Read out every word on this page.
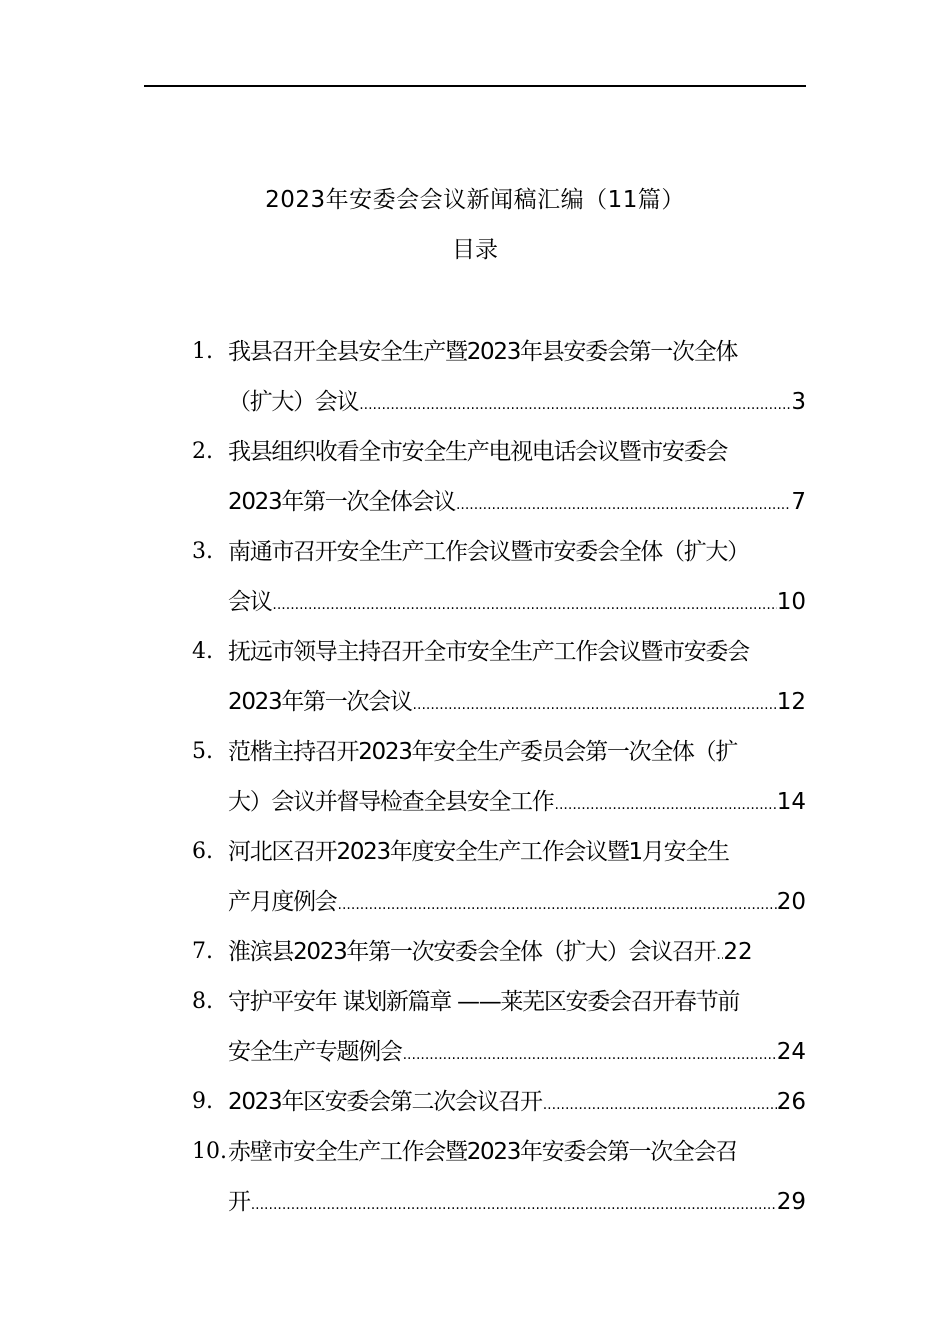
2023年安委会会议新闻稿汇编（11篇）
目录
1. 我县召开全县安全生产暨2023年县安委会第一次全体
（扩大）会议 .....	3
2. 我县组织收看全市安全生产电视电话会议暨市安委会
2023年第一次全体会议 .....	7
3. 南通市召开安全生产工作会议暨市安委会全体（扩大）
会议 .....	10
4. 抚远市领导主持召开全市安全生产工作会议暨市安委会
2023年第一次会议 .....	12
5. 范楷主持召开2023年安全生产委员会第一次全体（扩
大）会议并督导检查全县安全工作 .....	14
6. 河北区召开2023年度安全生产工作会议暨1月安全生
产月度例会 .....	20
7. 淮滨县2023年第一次安委会全体（扩大）会议召开 ..... 22
8. 守护平安年 谋划新篇章 ——莱芜区安委会召开春节前
安全生产专题例会 .....	24
9. 2023年区安委会第二次会议召开 .....	26
10. 赤壁市安全生产工作会暨2023年安委会第一次全会召
开 .....	29
